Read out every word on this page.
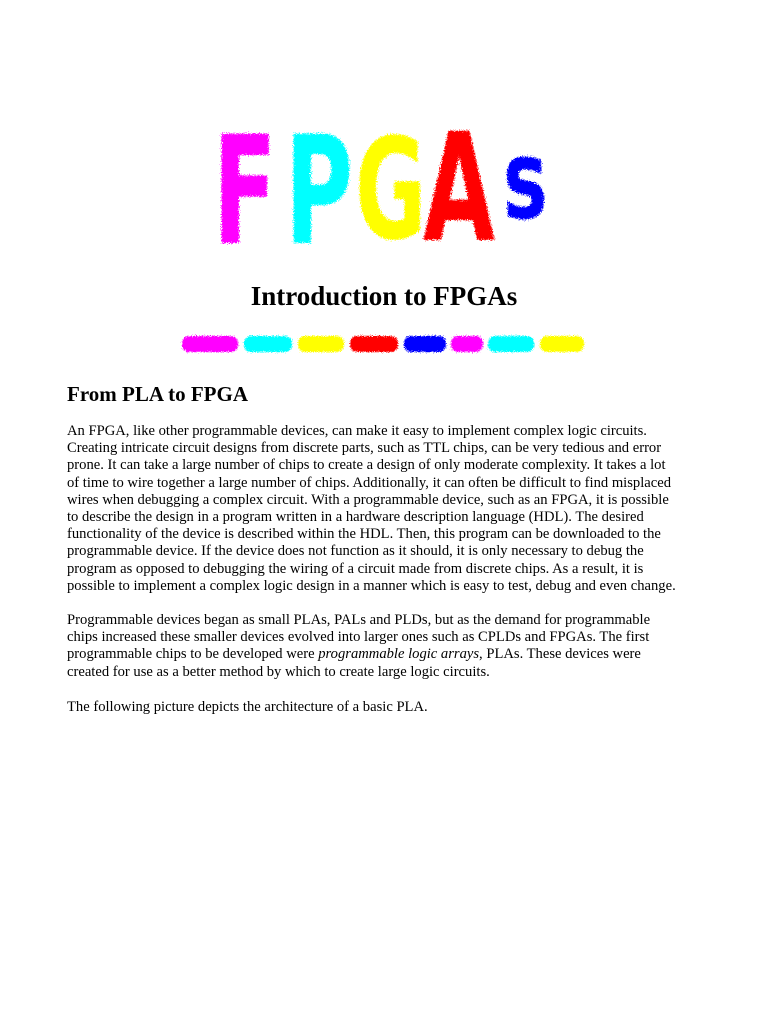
F P G
A s
Introduction to FPGAs
From PLA to FPGA

An FPGA, like other programmable devices, can make it easy to implement complex logic circuits.
Creating intricate circuit designs from discrete parts, such as TTL chips, can be very tedious and error
prone. It can take a large number of chips to create a design of only moderate complexity. It takes a lot
of time to wire together a large number of chips. Additionally, it can often be difficult to find misplaced
wires when debugging a complex circuit. With a programmable device, such as an FPGA, it is possible
to describe the design in a program written in a hardware description language (HDL). The desired
functionality of the device is described within the HDL. Then, this program can be downloaded to the
programmable device. If the device does not function as it should, it is only necessary to debug the
program as opposed to debugging the wiring of a circuit made from discrete chips. As a result, it is
possible to implement a complex logic design in a manner which is easy to test, debug and even change.

Programmable devices began as small PLAs, PALs and PLDs, but as the demand for programmable
chips increased these smaller devices evolved into larger ones such as CPLDs and FPGAs. The first
programmable chips to be developed were programmable logic arrays, PLAs. These devices were
created for use as a better method by which to create large logic circuits.

The following picture depicts the architecture of a basic PLA.
